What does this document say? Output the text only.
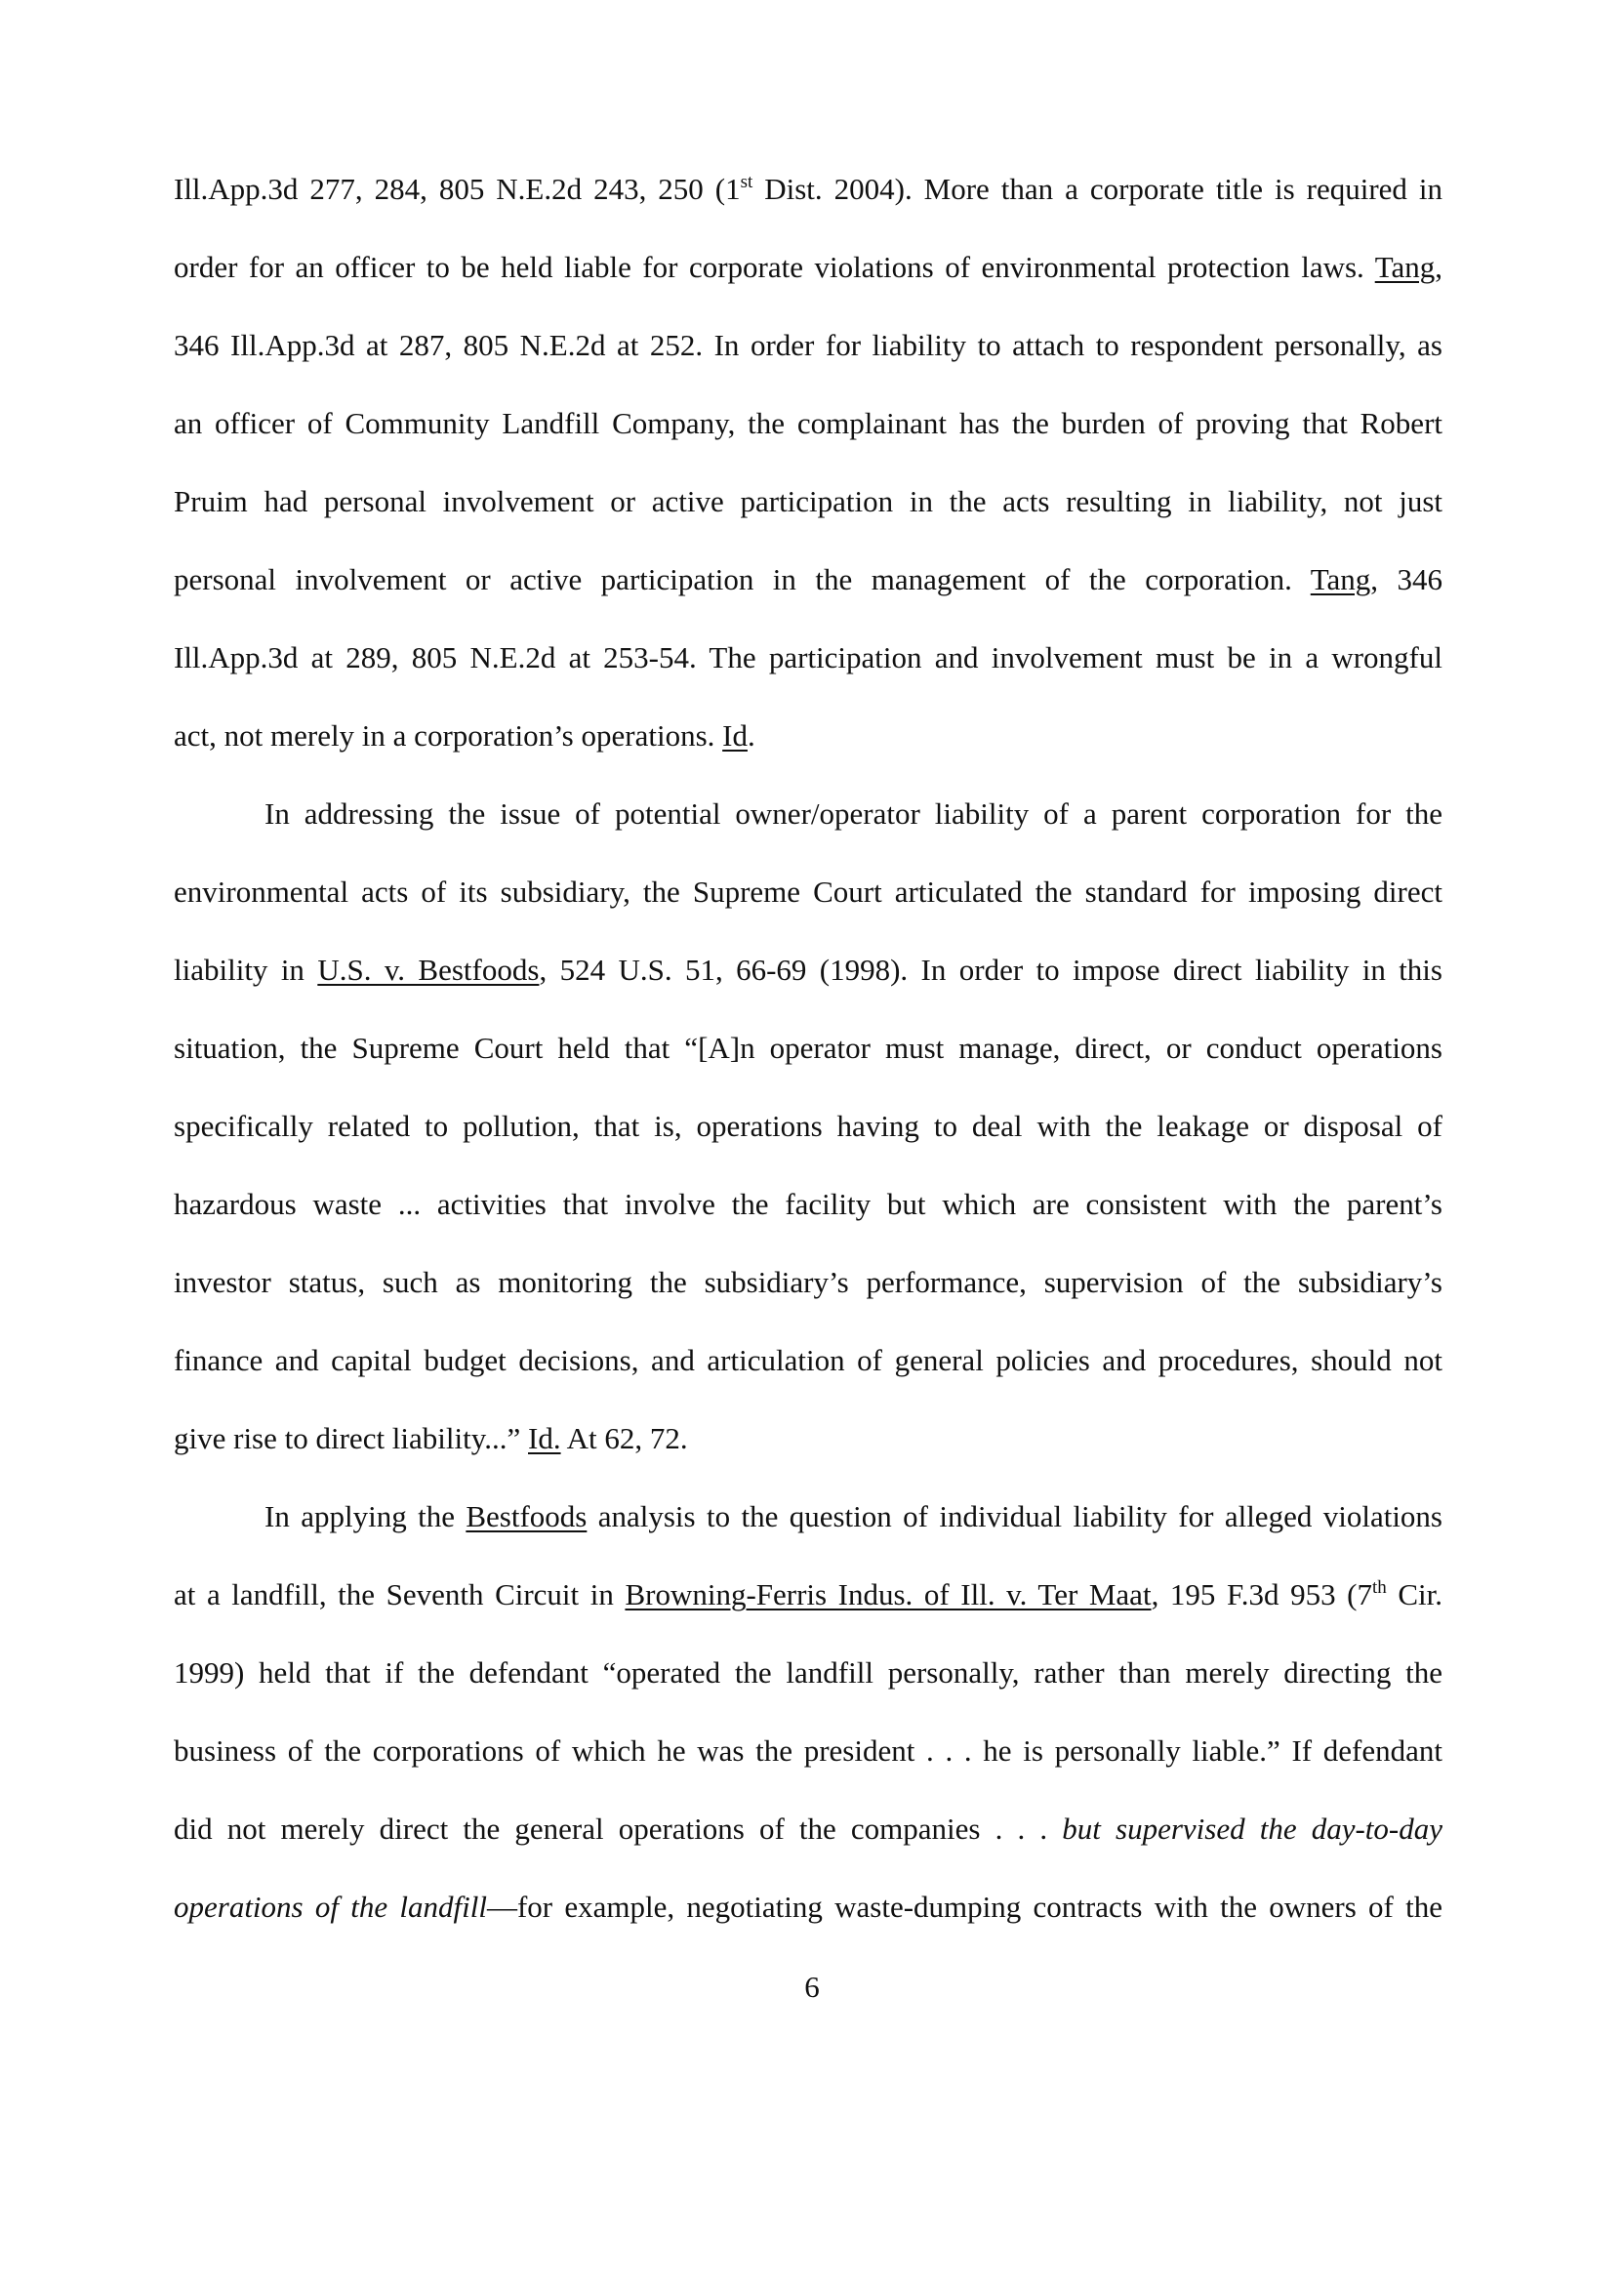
Ill.App.3d 277, 284, 805 N.E.2d 243, 250 (1st Dist. 2004). More than a corporate title is required in
order for an officer to be held liable for corporate violations of environmental protection laws. Tang,
346 Ill.App.3d at 287, 805 N.E.2d at 252. In order for liability to attach to respondent personally, as
an officer of Community Landfill Company, the complainant has the burden of proving that Robert
Pruim had personal involvement or active participation in the acts resulting in liability, not just
personal involvement or active participation in the management of the corporation. Tang, 346
Ill.App.3d at 289, 805 N.E.2d at 253-54. The participation and involvement must be in a wrongful
act, not merely in a corporation’s operations. Id.
In addressing the issue of potential owner/operator liability of a parent corporation for the
environmental acts of its subsidiary, the Supreme Court articulated the standard for imposing direct
liability in U.S. v. Bestfoods, 524 U.S. 51, 66-69 (1998). In order to impose direct liability in this
situation, the Supreme Court held that “[A]n operator must manage, direct, or conduct operations
specifically related to pollution, that is, operations having to deal with the leakage or disposal of
hazardous waste ... activities that involve the facility but which are consistent with the parent’s
investor status, such as monitoring the subsidiary’s performance, supervision of the subsidiary’s
finance and capital budget decisions, and articulation of general policies and procedures, should not
give rise to direct liability...” Id. At 62, 72.
In applying the Bestfoods analysis to the question of individual liability for alleged violations
at a landfill, the Seventh Circuit in Browning-Ferris Indus. of Ill. v. Ter Maat, 195 F.3d 953 (7th Cir.
1999) held that if the defendant “operated the landfill personally, rather than merely directing the
business of the corporations of which he was the president . . . he is personally liable.” If defendant
did not merely direct the general operations of the companies . . . but supervised the day-to-day
operations of the landfill—for example, negotiating waste-dumping contracts with the owners of the
6
